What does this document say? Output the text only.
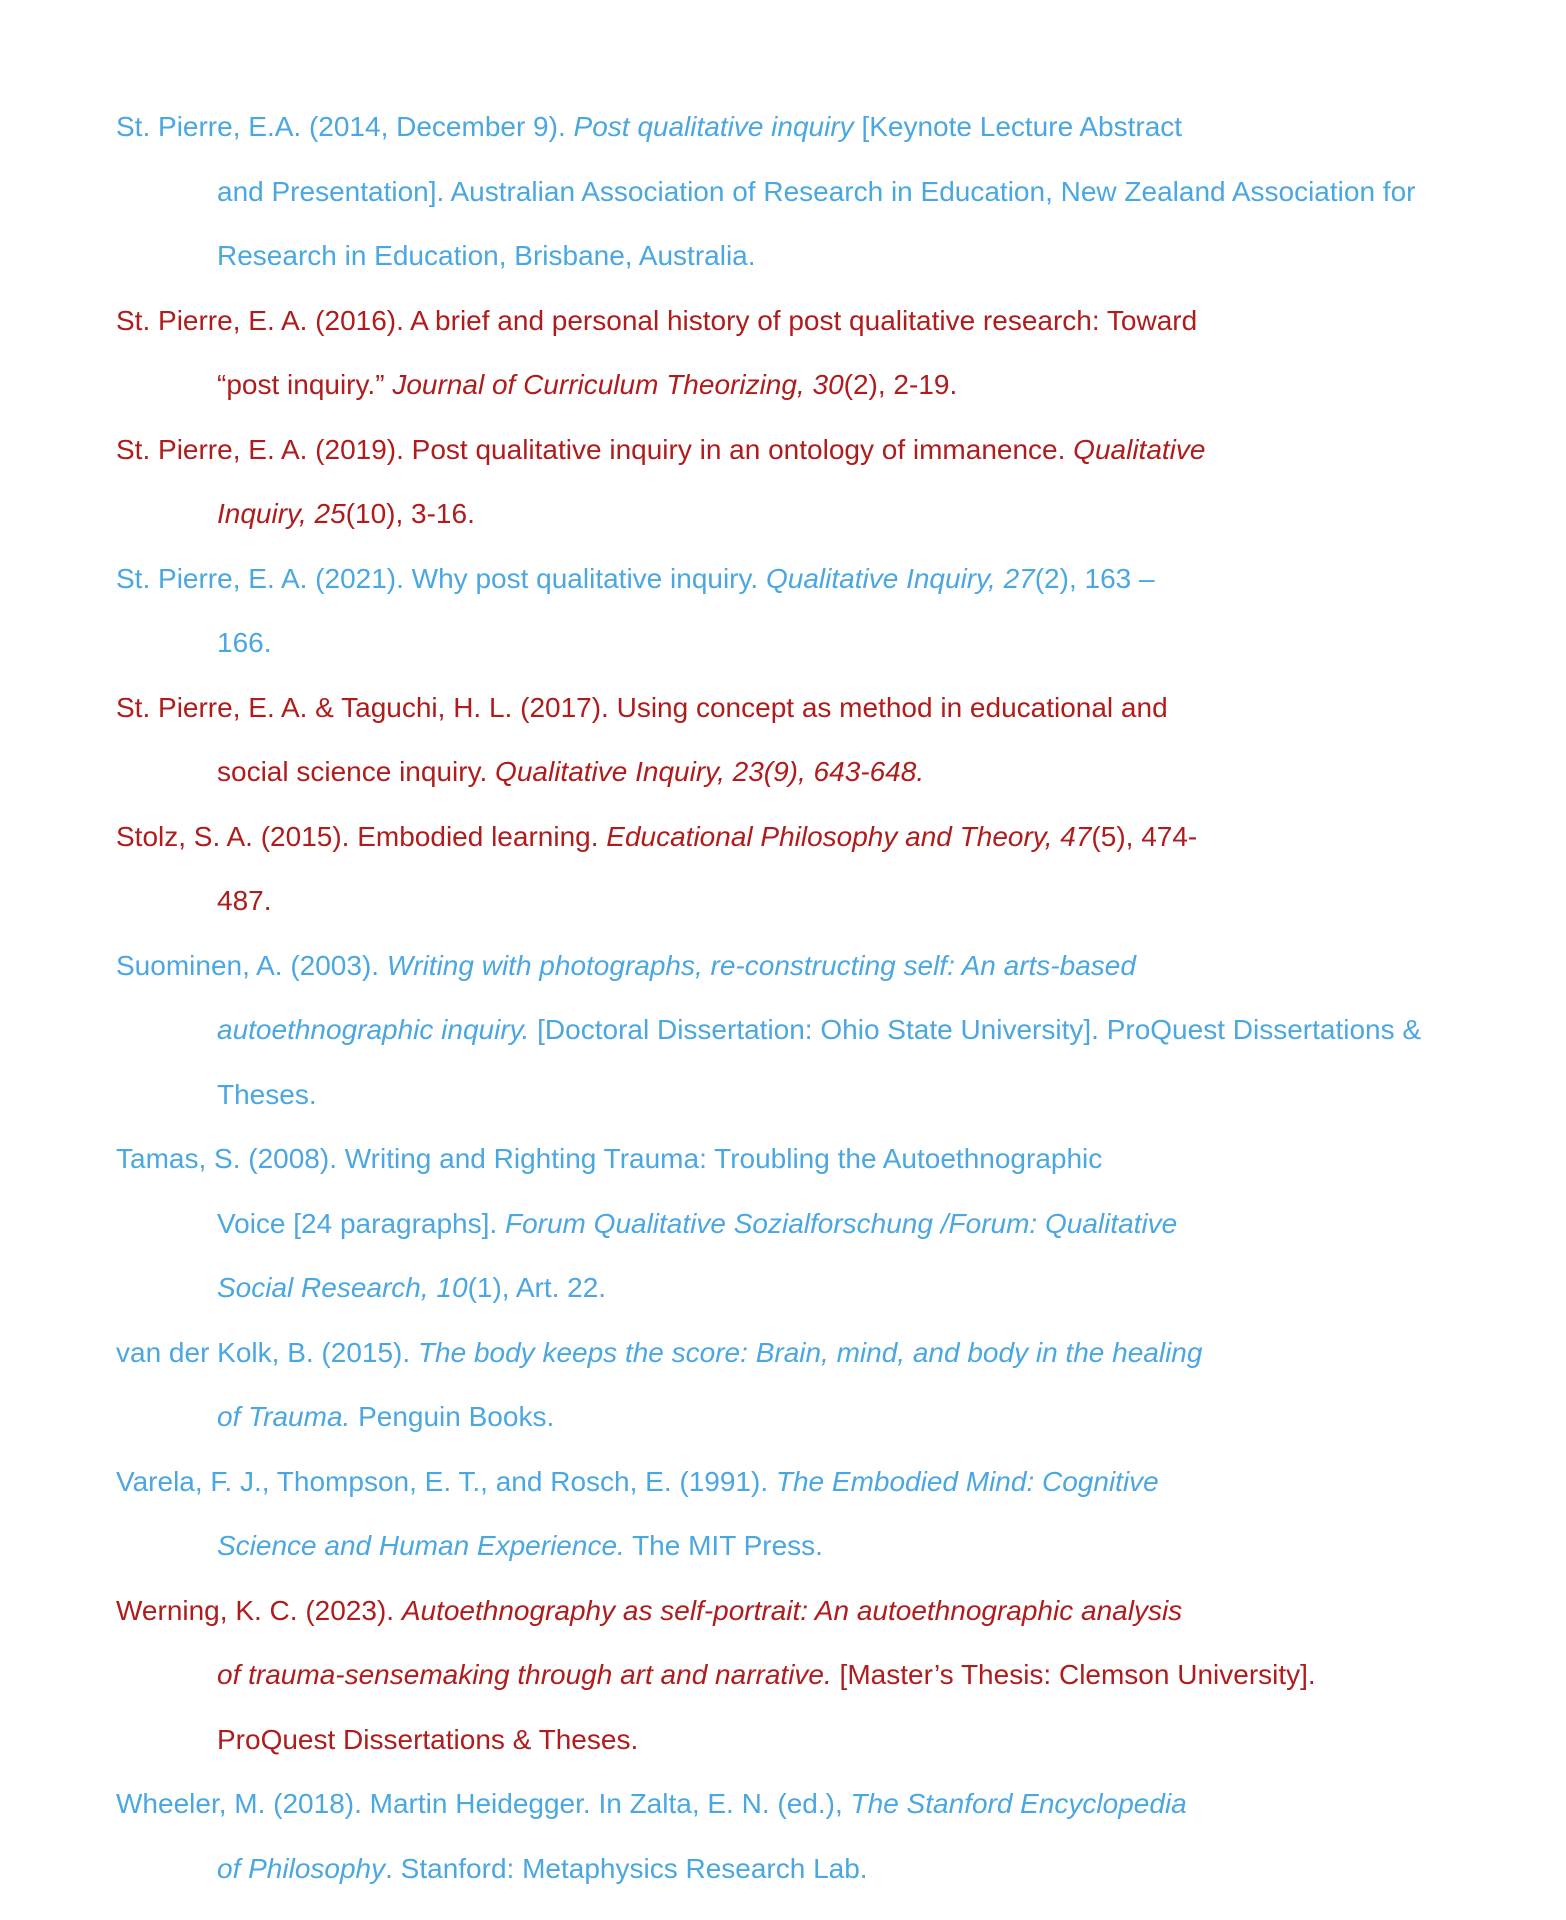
St. Pierre, E.A. (2014, December 9). Post qualitative inquiry [Keynote Lecture Abstract
and Presentation]. Australian Association of Research in Education, New Zealand Association for
Research in Education, Brisbane, Australia.
St. Pierre, E. A. (2016). A brief and personal history of post qualitative research: Toward
“post inquiry.” Journal of Curriculum Theorizing, 30(2), 2-19.
St. Pierre, E. A. (2019). Post qualitative inquiry in an ontology of immanence. Qualitative
Inquiry, 25(10), 3-16.
St. Pierre, E. A. (2021). Why post qualitative inquiry. Qualitative Inquiry, 27(2), 163 –
166.
St. Pierre, E. A. & Taguchi, H. L. (2017). Using concept as method in educational and
social science inquiry. Qualitative Inquiry, 23(9), 643-648.
Stolz, S. A. (2015). Embodied learning. Educational Philosophy and Theory, 47(5), 474-
487.
Suominen, A. (2003). Writing with photographs, re-constructing self: An arts-based
autoethnographic inquiry. [Doctoral Dissertation: Ohio State University]. ProQuest Dissertations &
Theses.
Tamas, S. (2008). Writing and Righting Trauma: Troubling the Autoethnographic
Voice [24 paragraphs]. Forum Qualitative Sozialforschung /Forum: Qualitative
Social Research, 10(1), Art. 22.
van der Kolk, B. (2015). The body keeps the score: Brain, mind, and body in the healing
of Trauma. Penguin Books.
Varela, F. J., Thompson, E. T., and Rosch, E. (1991). The Embodied Mind: Cognitive
Science and Human Experience. The MIT Press.
Werning, K. C. (2023). Autoethnography as self-portrait: An autoethnographic analysis
of trauma-sensemaking through art and narrative. [Master’s Thesis: Clemson University].
ProQuest Dissertations & Theses.
Wheeler, M. (2018). Martin Heidegger. In Zalta, E. N. (ed.), The Stanford Encyclopedia
of Philosophy. Stanford: Metaphysics Research Lab.
